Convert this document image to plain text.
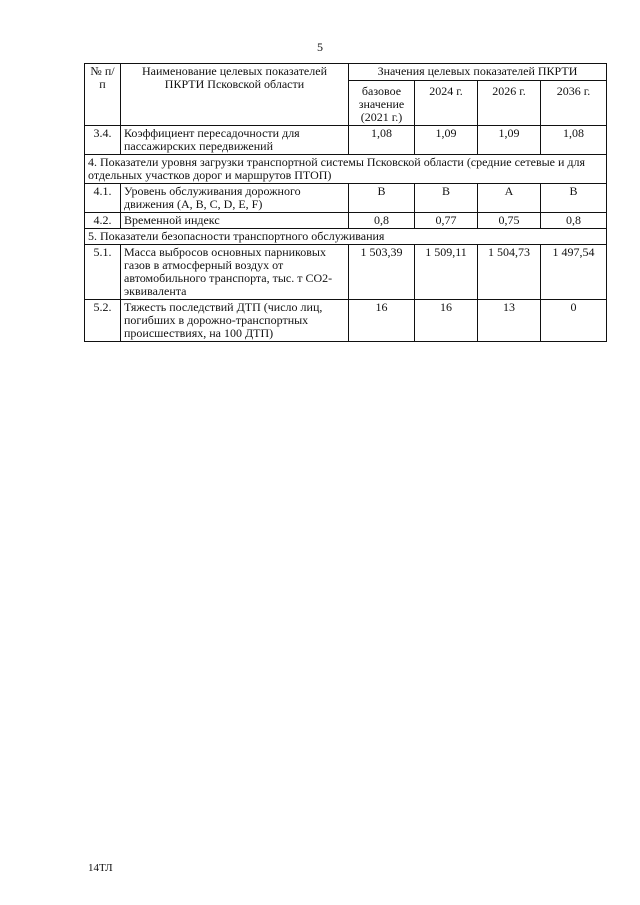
5
№ п/п	Наименование целевых показателей ПКРТИ Псковской области	Значения целевых показателей ПКРТИ			
		базовое значение (2021 г.)	2024 г.	2026 г.	2036 г.
3.4.	Коэффициент пересадочности для пассажирских передвижений	1,08	1,09	1,09	1,08
4. Показатели уровня загрузки транспортной системы Псковской области (средние сетевые и для отдельных участков дорог и маршрутов ПТОП)					
4.1.	Уровень обслуживания дорожного движения (A, B, C, D, E, F)	B	B	A	B
4.2.	Временной индекс	0,8	0,77	0,75	0,8
5. Показатели безопасности транспортного обслуживания					
5.1.	Масса выбросов основных парниковых газов в атмосферный воздух от автомобильного транспорта, тыс. т CO2-эквивалента	1 503,39	1 509,11	1 504,73	1 497,54
5.2.	Тяжесть последствий ДТП (число лиц, погибших в дорожно-транспортных происшествиях, на 100 ДТП)	16	16	13	0
14ТЛ
